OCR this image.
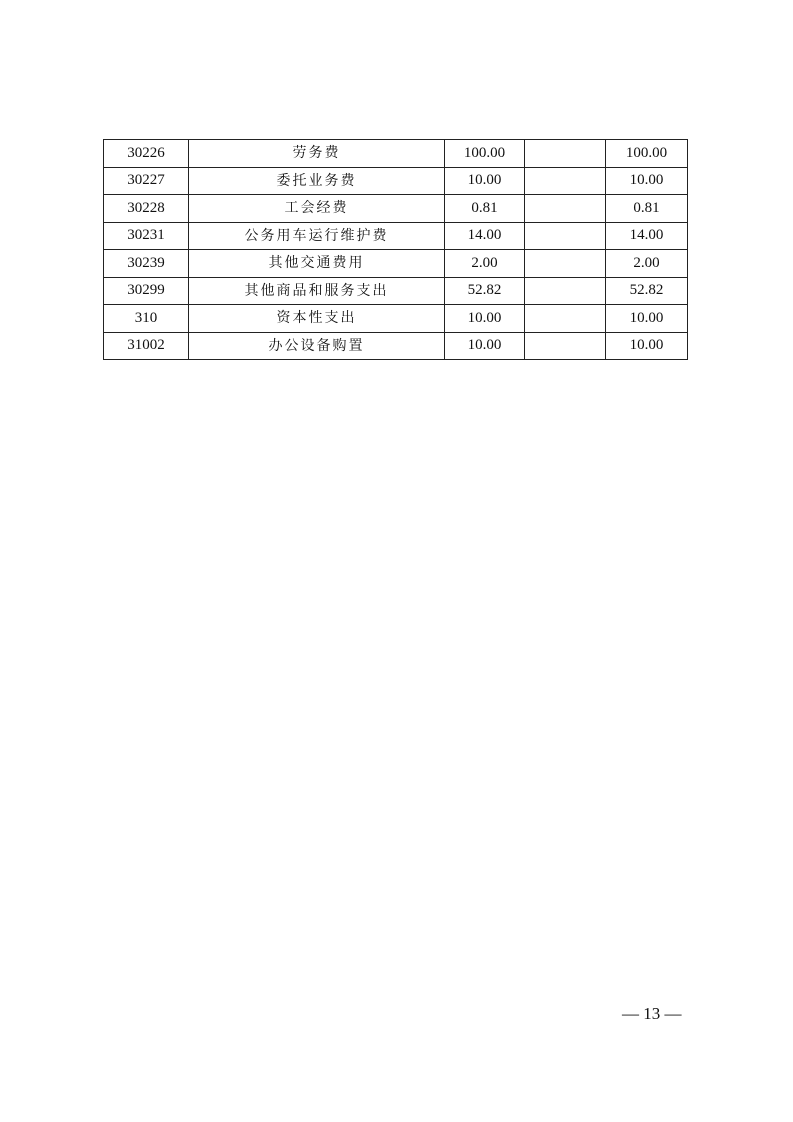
30226	劳务费	100.00		100.00
30227	委托业务费	10.00		10.00
30228	工会经费	0.81		0.81
30231	公务用车运行维护费	14.00		14.00
30239	其他交通费用	2.00		2.00
30299	其他商品和服务支出	52.82		52.82
310	资本性支出	10.00		10.00
31002	办公设备购置	10.00		10.00
— 13 —
